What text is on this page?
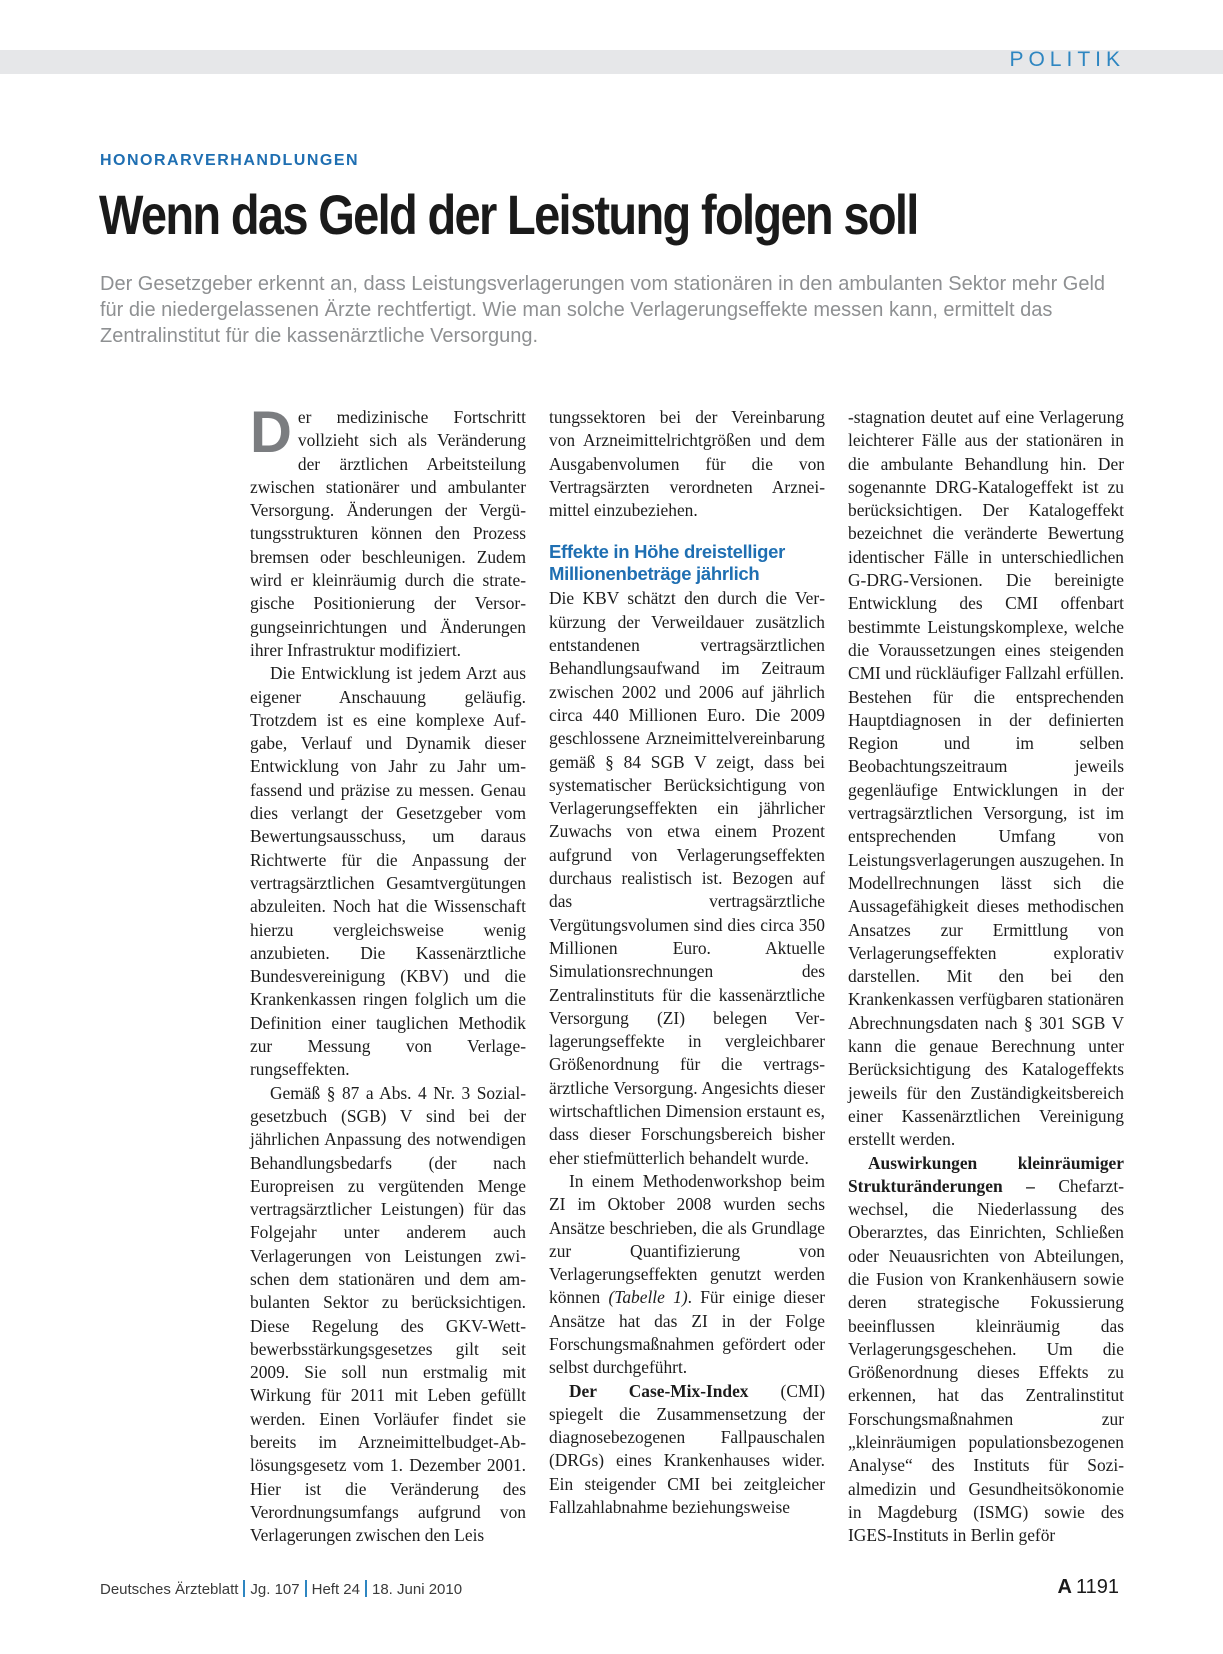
POLITIK
HONORARVERHANDLUNGEN
Wenn das Geld der Leistung folgen soll

Der Gesetzgeber erkennt an, dass Leistungsverlagerungen vom stationären in den ambulanten Sektor mehr Geld für die niedergelassenen Ärzte rechtfertigt. Wie man solche Verlagerungseffekte messen kann, ermittelt das Zentralinstitut für die kassenärztliche Versorgung.

Der medizinische Fortschritt vollzieht sich als Veränderung der ärztlichen Arbeitsteilung zwischen stationärer und ambulanter Versorgung. Änderungen der Vergütungsstrukturen können den Prozess bremsen oder beschleunigen. Zudem wird er kleinräumig durch die strategische Positionierung der Versorgungseinrichtungen und Änderungen ihrer Infrastruktur modifiziert.

Die Entwicklung ist jedem Arzt aus eigener Anschauung geläufig. Trotzdem ist es eine komplexe Aufgabe, Verlauf und Dynamik dieser Entwicklung von Jahr zu Jahr umfassend und präzise zu messen. Genau dies verlangt der Gesetzgeber vom Bewertungsausschuss, um daraus Richtwerte für die Anpassung der vertragsärztlichen Gesamtvergütungen abzuleiten. Noch hat die Wissenschaft hierzu vergleichsweise wenig anzubieten. Die Kassenärztliche Bundesvereinigung (KBV) und die Krankenkassen ringen folglich um die Definition einer tauglichen Methodik zur Messung von Verlagerungseffekten.

Gemäß § 87 a Abs. 4 Nr. 3 Sozialgesetzbuch (SGB) V sind bei der jährlichen Anpassung des notwendigen Behandlungsbedarfs (der nach Europreisen zu vergütenden Menge vertragsärztlicher Leistungen) für das Folgejahr unter anderem auch Verlagerungen von Leistungen zwischen dem stationären und dem ambulanten Sektor zu berücksichtigen. Diese Regelung des GKV-Wettbewerbsstärkungsgesetzes gilt seit 2009. Sie soll nun erstmalig mit Wirkung für 2011 mit Leben gefüllt werden. Einen Vorläufer findet sie bereits im Arzneimittelbudget-Ablösungsgesetz vom 1. Dezember 2001. Hier ist die Veränderung des Verordnungsumfangs aufgrund von Verlagerungen zwischen den Leis

tungssektoren bei der Vereinbarung von Arzneimittelrichtgrößen und dem Ausgabenvolumen für die von Vertragsärzten verordneten Arzneimittel einzubeziehen.

Effekte in Höhe dreistelliger Millionenbeträge jährlich

Die KBV schätzt den durch die Verkürzung der Verweildauer zusätzlich entstandenen vertragsärztlichen Behandlungsaufwand im Zeitraum zwischen 2002 und 2006 auf jährlich circa 440 Millionen Euro. Die 2009 geschlossene Arzneimittelvereinbarung gemäß § 84 SGB V zeigt, dass bei systematischer Berücksichtigung von Verlagerungseffekten ein jährlicher Zuwachs von etwa einem Prozent aufgrund von Verlagerungseffekten durchaus realistisch ist. Bezogen auf das vertragsärztliche Vergütungsvolumen sind dies circa 350 Millionen Euro. Aktuelle Simulationsrechnungen des Zentralinstituts für die kassenärztliche Versorgung (ZI) belegen Verlagerungseffekte in vergleichbarer Größenordnung für die vertragsärztliche Versorgung. Angesichts dieser wirtschaftlichen Dimension erstaunt es, dass dieser Forschungsbereich bisher eher stiefmütterlich behandelt wurde.

In einem Methodenworkshop beim ZI im Oktober 2008 wurden sechs Ansätze beschrieben, die als Grundlage zur Quantifizierung von Verlagerungseffekten genutzt werden können (Tabelle 1). Für einige dieser Ansätze hat das ZI in der Folge Forschungsmaßnahmen gefördert oder selbst durchgeführt.

Der Case-Mix-Index (CMI) spiegelt die Zusammensetzung der diagnosebezogenen Fallpauschalen (DRGs) eines Krankenhauses wider. Ein steigender CMI bei zeitgleicher Fallzahlabnahme beziehungsweise

-stagnation deutet auf eine Verlagerung leichterer Fälle aus der stationären in die ambulante Behandlung hin. Der sogenannte DRG-Katalogeffekt ist zu berücksichtigen. Der Katalogeffekt bezeichnet die veränderte Bewertung identischer Fälle in unterschiedlichen G-DRG-Versionen. Die bereinigte Entwicklung des CMI offenbart bestimmte Leistungskomplexe, welche die Voraussetzungen eines steigenden CMI und rückläufiger Fallzahl erfüllen. Bestehen für die entsprechenden Hauptdiagnosen in der definierten Region und im selben Beobachtungszeitraum jeweils gegenläufige Entwicklungen in der vertragsärztlichen Versorgung, ist im entsprechenden Umfang von Leistungsverlagerungen auszugehen. In Modellrechnungen lässt sich die Aussagefähigkeit dieses methodischen Ansatzes zur Ermittlung von Verlagerungseffekten explorativ darstellen. Mit den bei den Krankenkassen verfügbaren stationären Abrechnungsdaten nach § 301 SGB V kann die genaue Berechnung unter Berücksichtigung des Katalogeffekts jeweils für den Zuständigkeitsbereich einer Kassenärztlichen Vereinigung erstellt werden.

Auswirkungen kleinräumiger Strukturänderungen – Chefarztwechsel, die Niederlassung des Oberarztes, das Einrichten, Schließen oder Neuausrichten von Abteilungen, die Fusion von Krankenhäusern sowie deren strategische Fokussierung beeinflussen kleinräumig das Verlagerungsgeschehen. Um die Größenordnung dieses Effekts zu erkennen, hat das Zentralinstitut Forschungsmaßnahmen zur „kleinräumigen populationsbezogenen Analyse“ des Instituts für Sozialmedizin und Gesundheitsökonomie in Magdeburg (ISMG) sowie des IGES-Instituts in Berlin geför

Deutsches Ärzteblatt Jg. 107 Heft 24 18. Juni 2010	A 1191
